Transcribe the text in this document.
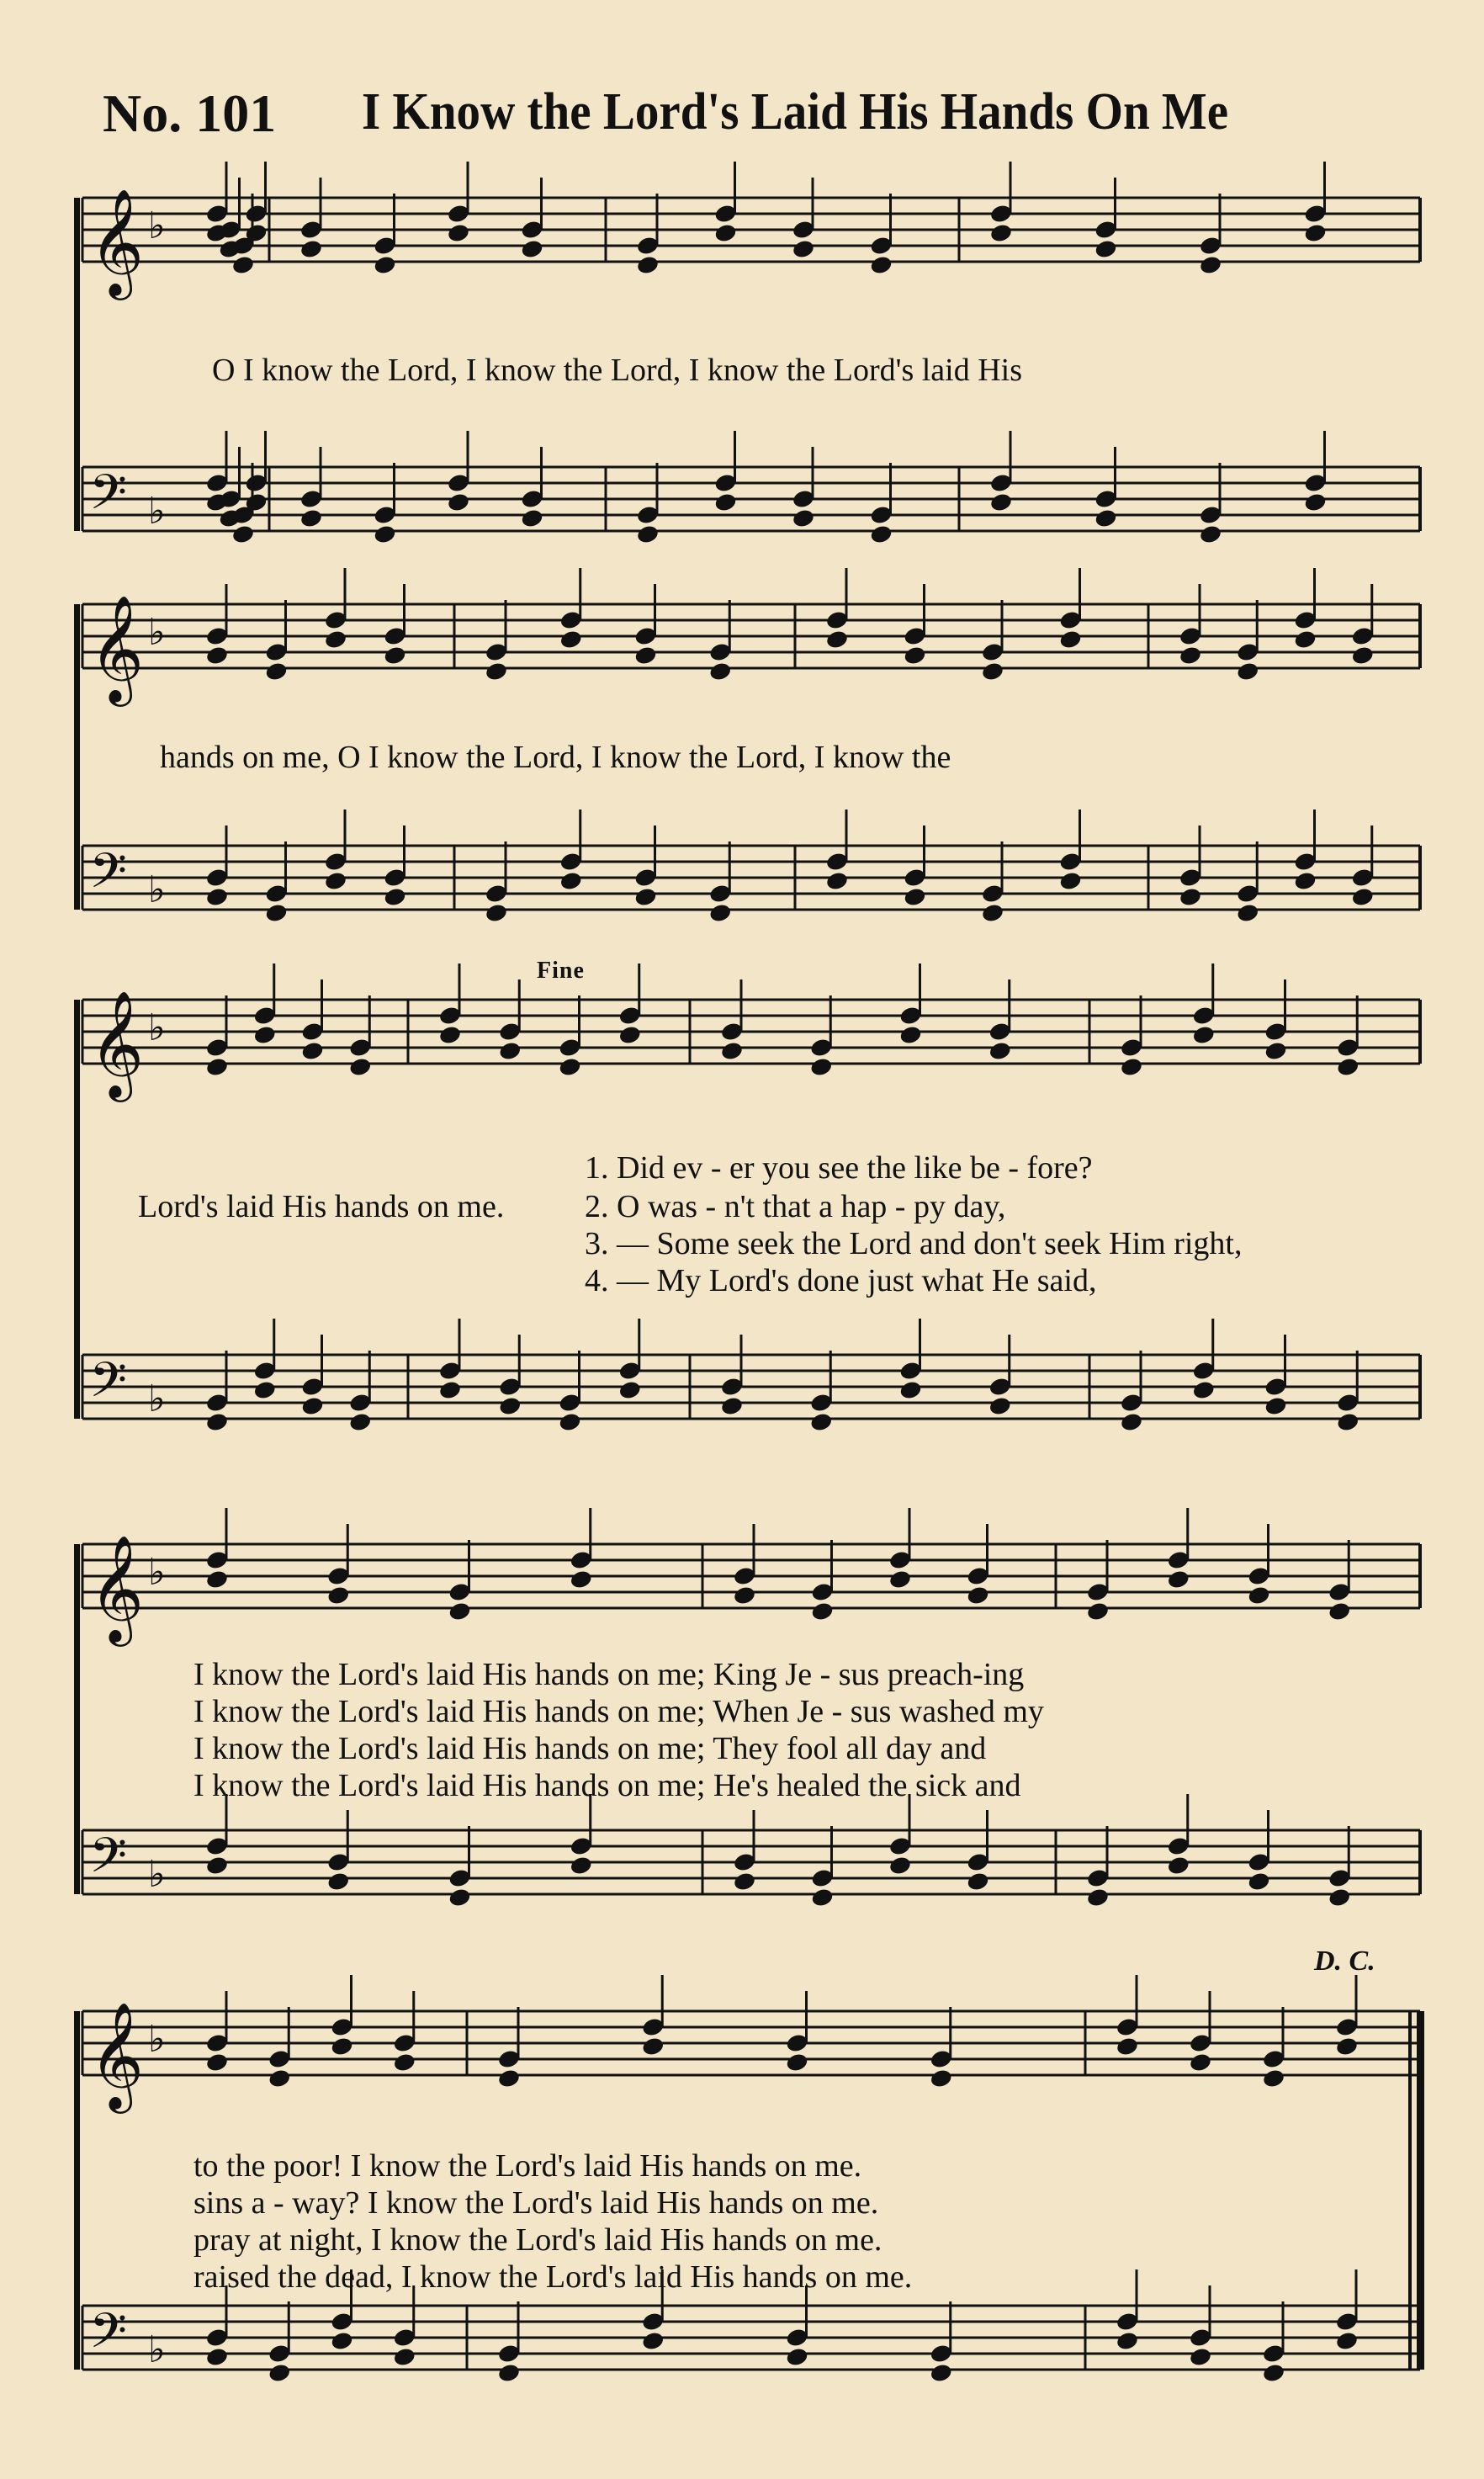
No. 101 I Know the Lord's Laid His Hands On Me
𝄞 ♭
𝄢 ♭
𝄞 ♭
𝄢 ♭
𝄞 ♭
𝄢 ♭
𝄞 ♭
𝄢 ♭
𝄞 ♭
𝄢 ♭
Fine
D. C.
O I know the Lord, I know the Lord, I know the Lord's laid His
hands on me, O I know the Lord, I know the Lord, I know the
Lord's laid His hands on me.
1. Did ev - er you see the like be - fore?
2. O was - n't that a hap - py day,
3. — Some seek the Lord and don't seek Him right,
4. — My Lord's done just what He said,
I know the Lord's laid His hands on me; King Je - sus preach-ing
I know the Lord's laid His hands on me; When Je - sus washed my
I know the Lord's laid His hands on me; They fool all day and
I know the Lord's laid His hands on me; He's healed the sick and
to the poor! I know the Lord's laid His hands on me.
sins a - way? I know the Lord's laid His hands on me.
pray at night, I know the Lord's laid His hands on me.
raised the dead, I know the Lord's laid His hands on me.
